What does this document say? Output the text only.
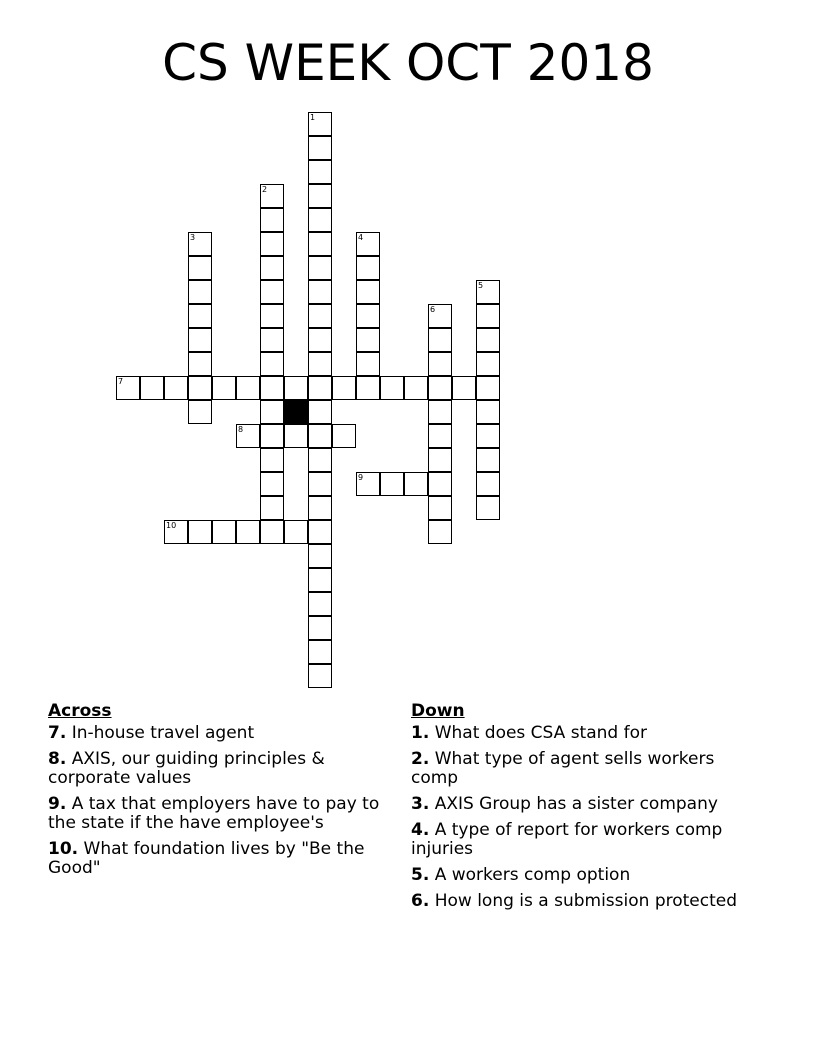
CS WEEK OCT 2018
1
2
3	4
5
6
7
8
9
10
Across
7. In-house travel agent
8. AXIS, our guiding principles & corporate values
9. A tax that employers have to pay to the state if the have employee's
10. What foundation lives by "Be the Good"
Down
1. What does CSA stand for
2. What type of agent sells workers comp
3. AXIS Group has a sister company
4. A type of report for workers comp injuries
5. A workers comp option
6. How long is a submission protected
